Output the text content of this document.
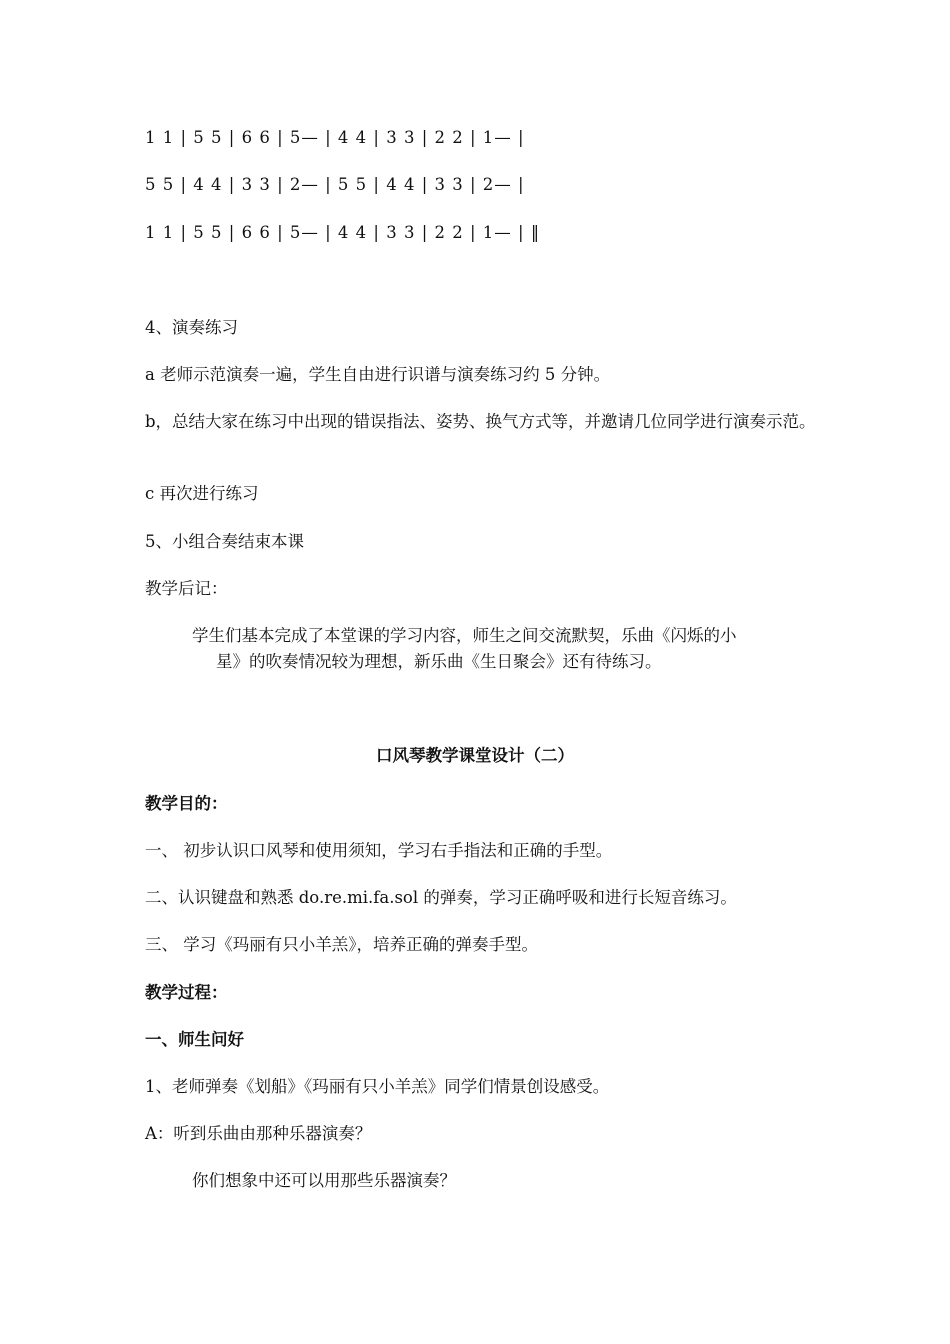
1 1 | 5 5 | 6 6 | 5— | 4 4 | 3 3 | 2 2 | 1— |

5 5 | 4 4 | 3 3 | 2— | 5 5 | 4 4 | 3 3 | 2— |

1 1 | 5 5 | 6 6 | 5— | 4 4 | 3 3 | 2 2 | 1— | ‖

4、演奏练习

a 老师示范演奏一遍，学生自由进行识谱与演奏练习约 5 分钟。

b，总结大家在练习中出现的错误指法、姿势、换气方式等，并邀请几位同学进行演奏示范。

c 再次进行练习

5、小组合奏结束本课

教学后记：

学生们基本完成了本堂课的学习内容，师生之间交流默契，乐曲《闪烁的小
星》的吹奏情况较为理想，新乐曲《生日聚会》还有待练习。
口风琴教学课堂设计（二）

教学目的：

一、 初步认识口风琴和使用须知，学习右手指法和正确的手型。

二、认识键盘和熟悉 do.re.mi.fa.sol 的弹奏，学习正确呼吸和进行长短音练习。

三、 学习《玛丽有只小羊羔》，培养正确的弹奏手型。

教学过程：

一、师生问好

1、老师弹奏《划船》《玛丽有只小羊羔》同学们情景创设感受。

A：听到乐曲由那种乐器演奏？

你们想象中还可以用那些乐器演奏？
